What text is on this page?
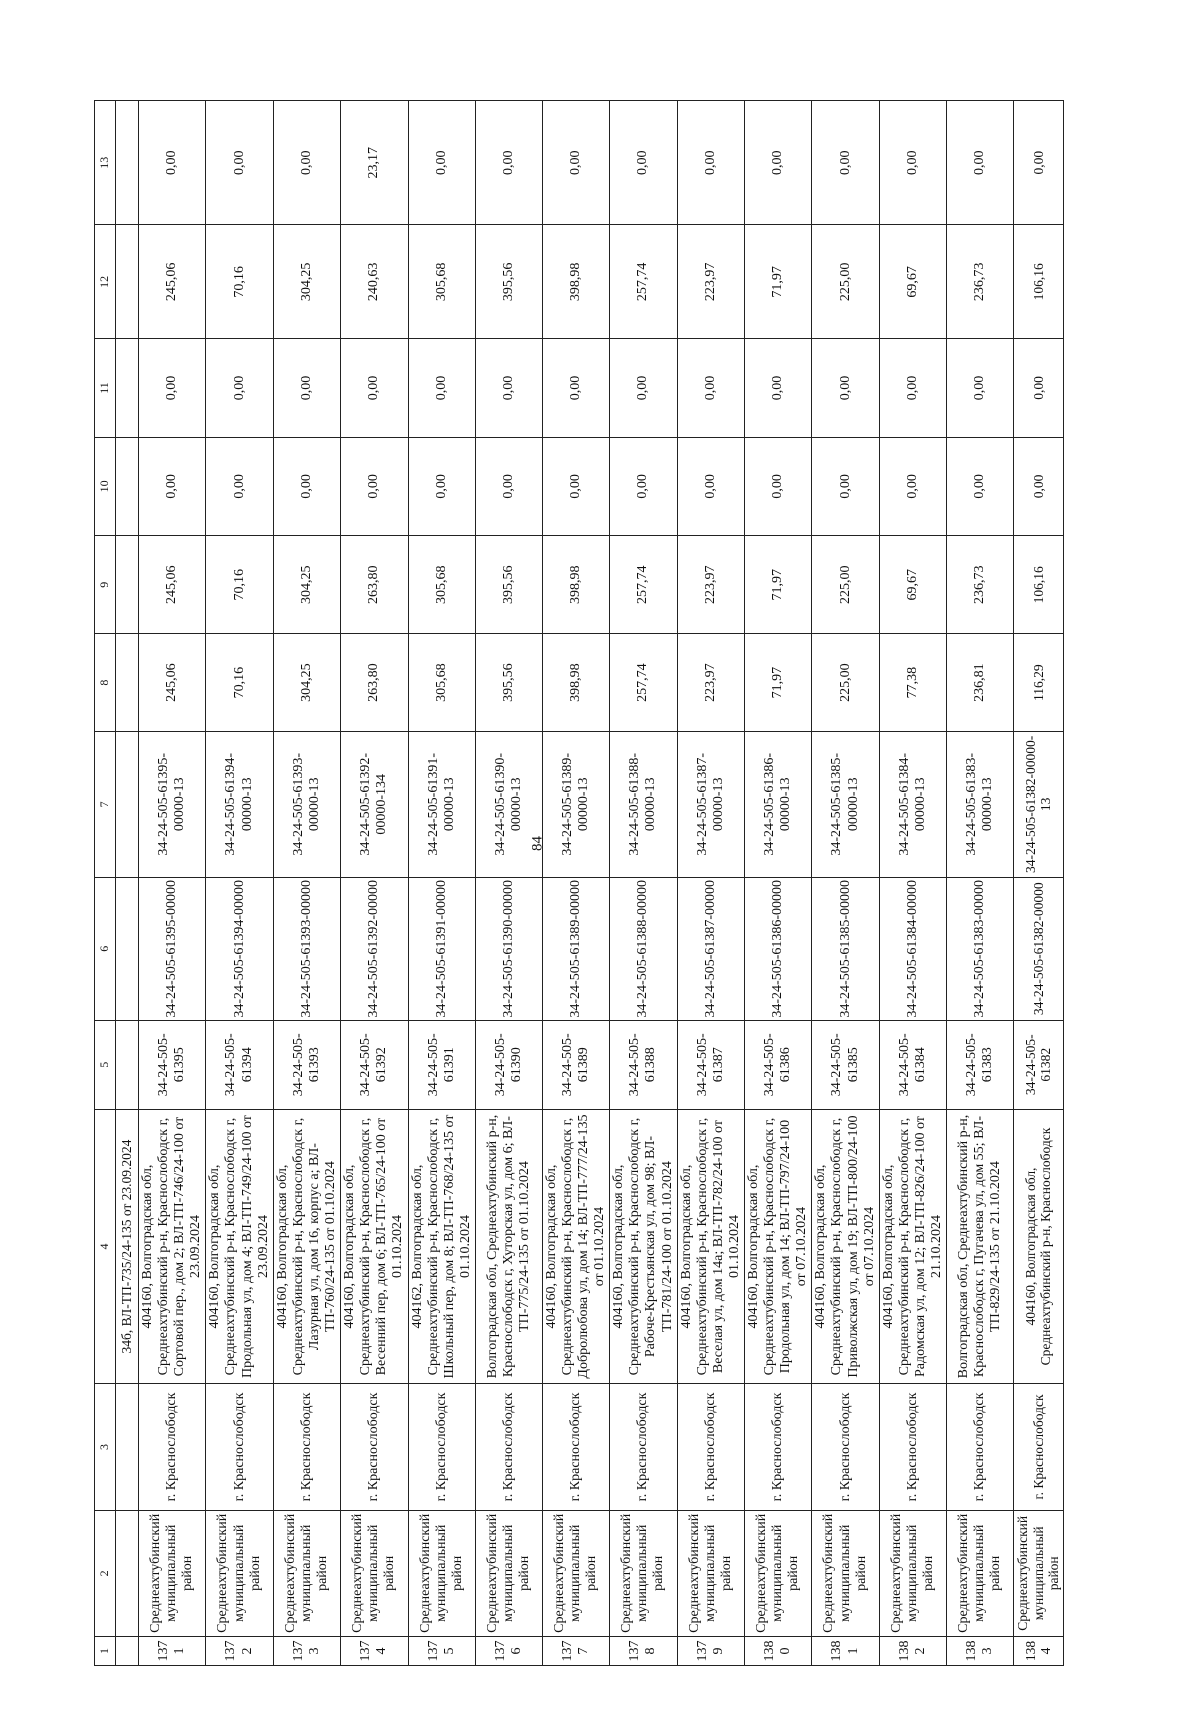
84
1	2	3	4	5	6	7	8	9	10	11	12	13
			34б, ВЛ-ТП-735/24-135 от 23.09.2024									
1371	Среднеахтубинский муниципальный район	г. Краснослободск	404160, Волгоградская обл, Среднеахтубинский р-н, Краснослободск г, Сортовой пер., дом 2; ВЛ-ТП-746/24-100 от 23.09.2024	34-24-505-61395	34-24-505-61395-00000	34-24-505-61395-00000-13	245,06	245,06	0,00	0,00	245,06	0,00
1372	Среднеахтубинский муниципальный район	г. Краснослободск	404160, Волгоградская обл, Среднеахтубинский р-н, Краснослободск г, Продольная ул, дом 4; ВЛ-ТП-749/24-100 от 23.09.2024	34-24-505-61394	34-24-505-61394-00000	34-24-505-61394-00000-13	70,16	70,16	0,00	0,00	70,16	0,00
1373	Среднеахтубинский муниципальный район	г. Краснослободск	404160, Волгоградская обл, Среднеахтубинский р-н, Краснослободск г, Лазурная ул, дом 16, корпус а; ВЛ-ТП-760/24-135 от 01.10.2024	34-24-505-61393	34-24-505-61393-00000	34-24-505-61393-00000-13	304,25	304,25	0,00	0,00	304,25	0,00
1374	Среднеахтубинский муниципальный район	г. Краснослободск	404160, Волгоградская обл, Среднеахтубинский р-н, Краснослободск г, Весенний пер, дом 6; ВЛ-ТП-765/24-100 от 01.10.2024	34-24-505-61392	34-24-505-61392-00000	34-24-505-61392-00000-134	263,80	263,80	0,00	0,00	240,63	23,17
1375	Среднеахтубинский муниципальный район	г. Краснослободск	404162, Волгоградская обл, Среднеахтубинский р-н, Краснослободск г, Школьный пер, дом 8; ВЛ-ТП-768/24-135 от 01.10.2024	34-24-505-61391	34-24-505-61391-00000	34-24-505-61391-00000-13	305,68	305,68	0,00	0,00	305,68	0,00
1376	Среднеахтубинский муниципальный район	г. Краснослободск	Волгоградская обл, Среднеахтубинский р-н, Краснослободск г, Хуторская ул, дом 6; ВЛ-ТП-775/24-135 от 01.10.2024	34-24-505-61390	34-24-505-61390-00000	34-24-505-61390-00000-13	395,56	395,56	0,00	0,00	395,56	0,00
1377	Среднеахтубинский муниципальный район	г. Краснослободск	404160, Волгоградская обл, Среднеахтубинский р-н, Краснослободск г, Добролюбова ул, дом 14; ВЛ-ТП-777/24-135 от 01.10.2024	34-24-505-61389	34-24-505-61389-00000	34-24-505-61389-00000-13	398,98	398,98	0,00	0,00	398,98	0,00
1378	Среднеахтубинский муниципальный район	г. Краснослободск	404160, Волгоградская обл, Среднеахтубинский р-н, Краснослободск г, Рабоче-Крестьянская ул, дом 98; ВЛ-ТП-781/24-100 от 01.10.2024	34-24-505-61388	34-24-505-61388-00000	34-24-505-61388-00000-13	257,74	257,74	0,00	0,00	257,74	0,00
1379	Среднеахтубинский муниципальный район	г. Краснослободск	404160, Волгоградская обл, Среднеахтубинский р-н, Краснослободск г, Веселая ул, дом 14а; ВЛ-ТП-782/24-100 от 01.10.2024	34-24-505-61387	34-24-505-61387-00000	34-24-505-61387-00000-13	223,97	223,97	0,00	0,00	223,97	0,00
1380	Среднеахтубинский муниципальный район	г. Краснослободск	404160, Волгоградская обл, Среднеахтубинский р-н, Краснослободск г, Продольная ул, дом 14; ВЛ-ТП-797/24-100 от 07.10.2024	34-24-505-61386	34-24-505-61386-00000	34-24-505-61386-00000-13	71,97	71,97	0,00	0,00	71,97	0,00
1381	Среднеахтубинский муниципальный район	г. Краснослободск	404160, Волгоградская обл, Среднеахтубинский р-н, Краснослободск г, Приволжская ул, дом 19; ВЛ-ТП-800/24-100 от 07.10.2024	34-24-505-61385	34-24-505-61385-00000	34-24-505-61385-00000-13	225,00	225,00	0,00	0,00	225,00	0,00
1382	Среднеахтубинский муниципальный район	г. Краснослободск	404160, Волгоградская обл, Среднеахтубинский р-н, Краснослободск г, Радомская ул, дом 12; ВЛ-ТП-826/24-100 от 21.10.2024	34-24-505-61384	34-24-505-61384-00000	34-24-505-61384-00000-13	77,38	69,67	0,00	0,00	69,67	0,00
1383	Среднеахтубинский муниципальный район	г. Краснослободск	Волгоградская обл, Среднеахтубинский р-н, Краснослободск г, Пугачева ул, дом 55; ВЛ-ТП-829/24-135 от 21.10.2024	34-24-505-61383	34-24-505-61383-00000	34-24-505-61383-00000-13	236,81	236,73	0,00	0,00	236,73	0,00
1384	Среднеахтубинский муниципальный район	г. Краснослободск	404160, Волгоградская обл, Среднеахтубинский р-н, Краснослободск	34-24-505-61382	34-24-505-61382-00000	34-24-505-61382-00000-13	116,29	106,16	0,00	0,00	106,16	0,00
